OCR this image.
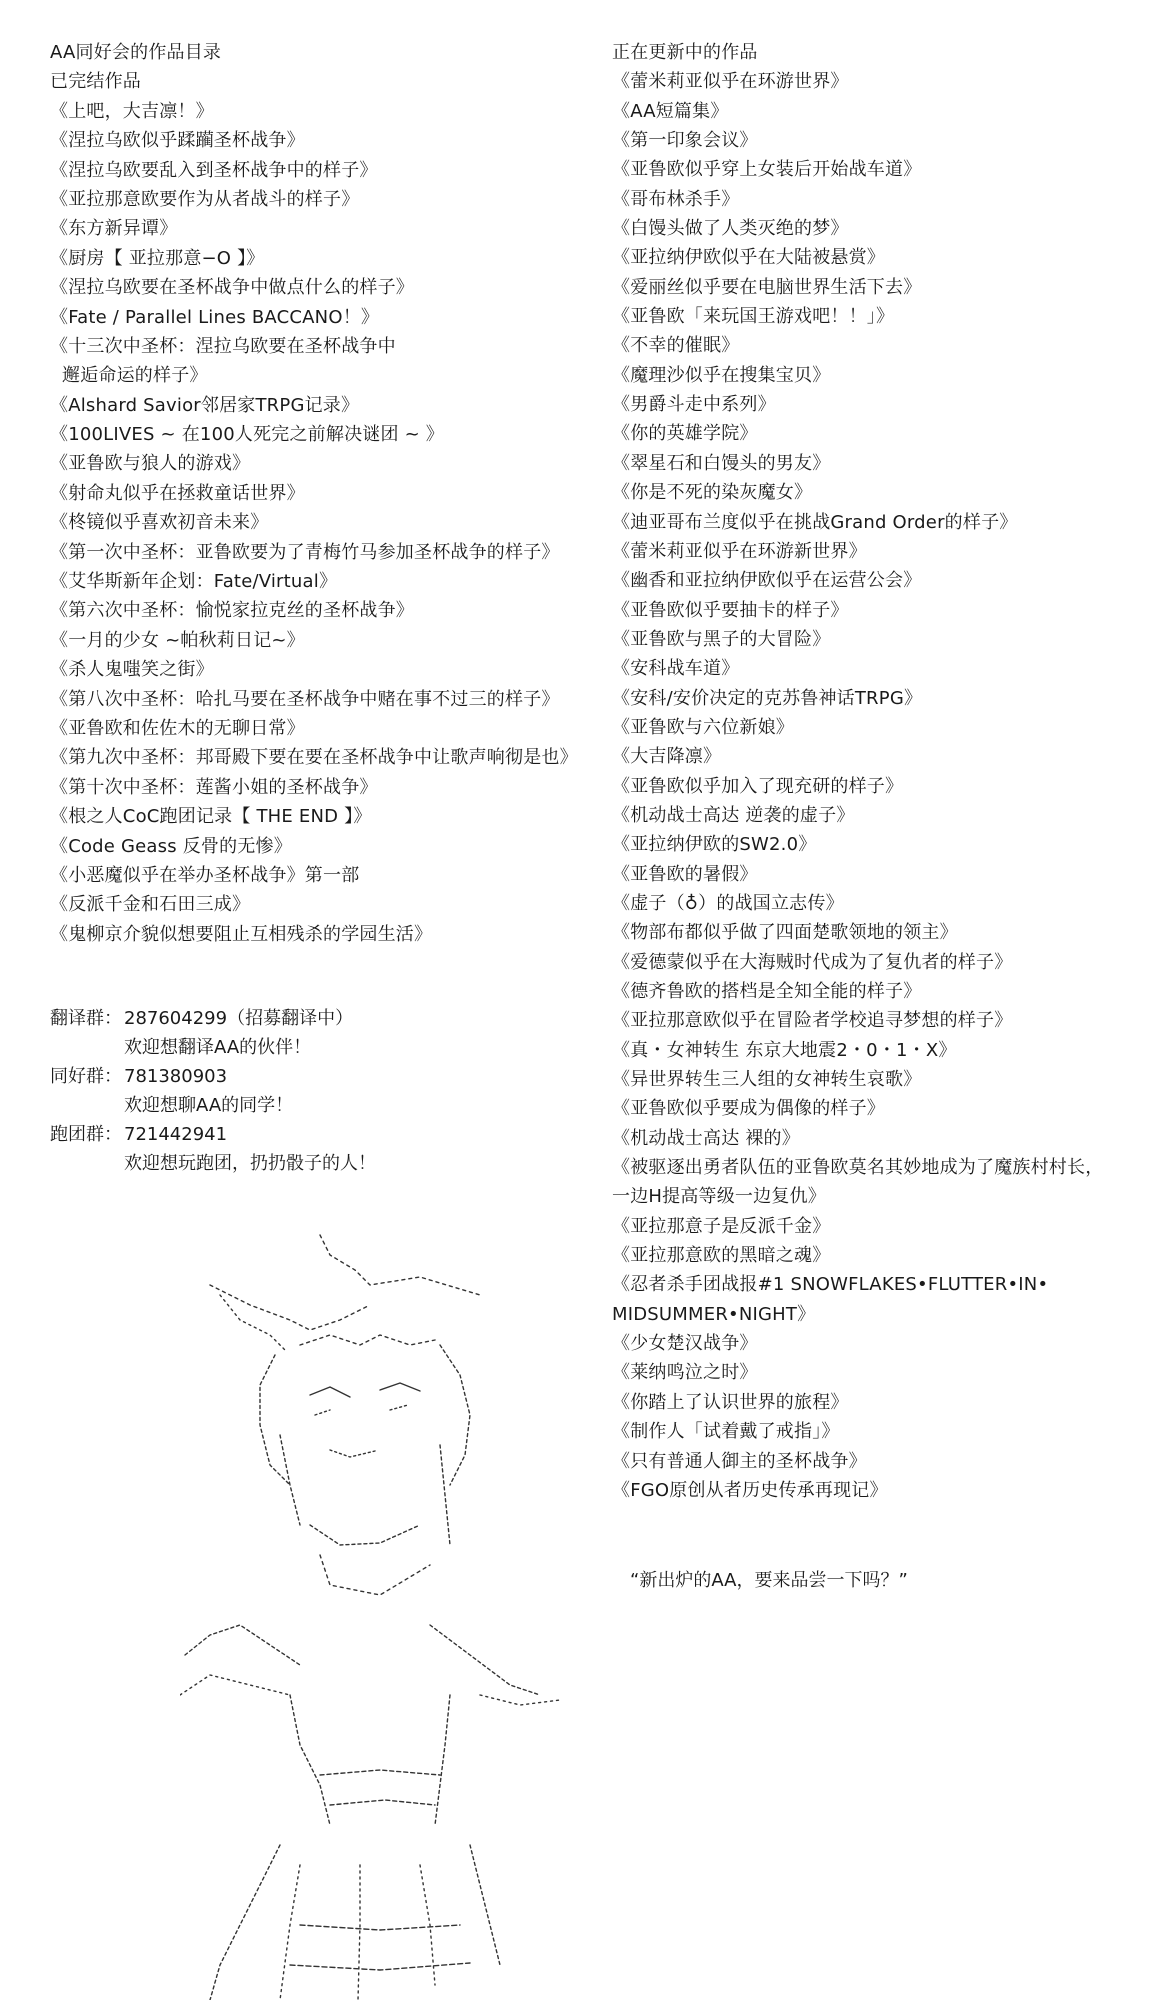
AA同好会的作品目录
已完结作品
《上吧，大吉凛！》
《涅拉乌欧似乎蹂躏圣杯战争》
《涅拉乌欧要乱入到圣杯战争中的样子》
《亚拉那意欧要作为从者战斗的样子》
《东方新异谭》
《厨房【 亚拉那意−O 】》
《涅拉乌欧要在圣杯战争中做点什么的样子》
《Fate / Parallel Lines BACCANO！》
《十三次中圣杯：涅拉乌欧要在圣杯战争中
邂逅命运的样子》
《Alshard Savior邻居家TRPG记录》
《100LIVES ~ 在100人死完之前解决谜团 ~ 》
《亚鲁欧与狼人的游戏》
《射命丸似乎在拯救童话世界》
《柊镜似乎喜欢初音未来》
《第一次中圣杯：亚鲁欧要为了青梅竹马参加圣杯战争的样子》
《艾华斯新年企划：Fate/Virtual》
《第六次中圣杯：愉悦家拉克丝的圣杯战争》
《一月的少女 ~帕秋莉日记~》
《杀人鬼嗤笑之街》
《第八次中圣杯：哈扎马要在圣杯战争中赌在事不过三的样子》
《亚鲁欧和佐佐木的无聊日常》
《第九次中圣杯：邦哥殿下要在要在圣杯战争中让歌声响彻是也》
《第十次中圣杯：莲酱小姐的圣杯战争》
《根之人CoC跑团记录【 THE END 】》
《Code Geass 反骨的无惨》
《小恶魔似乎在举办圣杯战争》第一部
《反派千金和石田三成》
《鬼柳京介貌似想要阻止互相残杀的学园生活》
翻译群： 287604299（招募翻译中）
欢迎想翻译AA的伙伴！
同好群： 781380903
欢迎想聊AA的同学！
跑团群： 721442941
欢迎想玩跑团，扔扔骰子的人！
正在更新中的作品
《蕾米莉亚似乎在环游世界》
《AA短篇集》
《第一印象会议》
《亚鲁欧似乎穿上女装后开始战车道》
《哥布林杀手》
《白馒头做了人类灭绝的梦》
《亚拉纳伊欧似乎在大陆被悬赏》
《爱丽丝似乎要在电脑世界生活下去》
《亚鲁欧「来玩国王游戏吧！！」》
《不幸的催眠》
《魔理沙似乎在搜集宝贝》
《男爵斗走中系列》
《你的英雄学院》
《翠星石和白馒头的男友》
《你是不死的染灰魔女》
《迪亚哥布兰度似乎在挑战Grand Order的样子》
《蕾米莉亚似乎在环游新世界》
《幽香和亚拉纳伊欧似乎在运营公会》
《亚鲁欧似乎要抽卡的样子》
《亚鲁欧与黑子的大冒险》
《安科战车道》
《安科/安价决定的克苏鲁神话TRPG》
《亚鲁欧与六位新娘》
《大吉降凛》
《亚鲁欧似乎加入了现充研的样子》
《机动战士高达 逆袭的虚子》
《亚拉纳伊欧的SW2.0》
《亚鲁欧的暑假》
《虚子（♁）的战国立志传》
《物部布都似乎做了四面楚歌领地的领主》
《爱德蒙似乎在大海贼时代成为了复仇者的样子》
《德齐鲁欧的搭档是全知全能的样子》
《亚拉那意欧似乎在冒险者学校追寻梦想的样子》
《真・女神转生 东京大地震2・0・1・X》
《异世界转生三人组的女神转生哀歌》
《亚鲁欧似乎要成为偶像的样子》
《机动战士高达 裸的》
《被驱逐出勇者队伍的亚鲁欧莫名其妙地成为了魔族村村长，
一边H提高等级一边复仇》
《亚拉那意子是反派千金》
《亚拉那意欧的黑暗之魂》
《忍者杀手团战报#1 SNOWFLAKES•FLUTTER•IN•
MIDSUMMER•NIGHT》
《少女楚汉战争》
《莱纳鸣泣之时》
《你踏上了认识世界的旅程》
《制作人「试着戴了戒指」》
《只有普通人御主的圣杯战争》
《FGO原创从者历史传承再现记》
“新出炉的AA，要来品尝一下吗？”
